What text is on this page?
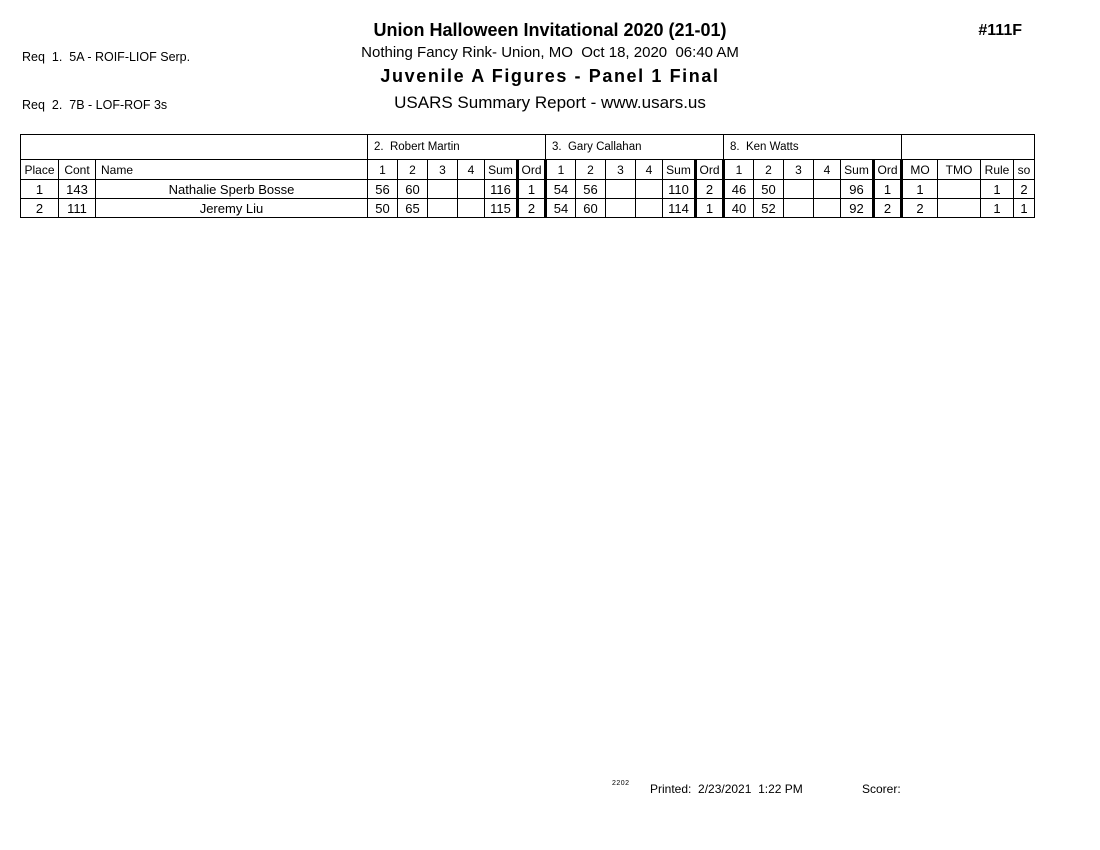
Req  1.  5A - ROIF-LIOF Serp.

Req  2.  7B - LOF-ROF 3s

Union Halloween Invitational 2020 (21-01)
Nothing Fancy Rink- Union, MO  Oct 18, 2020  06:40 AM
Juvenile A Figures - Panel 1 Final
USARS Summary Report - www.usars.us
#111F
			2.  Robert Martin						3.  Gary Callahan						8.  Ken Watts									
Place	Cont	Name	1	2	3	4	Sum	Ord	1	2	3	4	Sum	Ord	1	2	3	4	Sum	Ord	MO	TMO	Rule	so
1	143	Nathalie Sperb Bosse	56	60			116	1	54	56			110	2	46	50			96	1	1		1	2
2	111	Jeremy Liu	50	65			115	2	54	60			114	1	40	52			92	2	2		1	1
2202 Printed:  2/23/2021  1:22 PM	Scorer:
